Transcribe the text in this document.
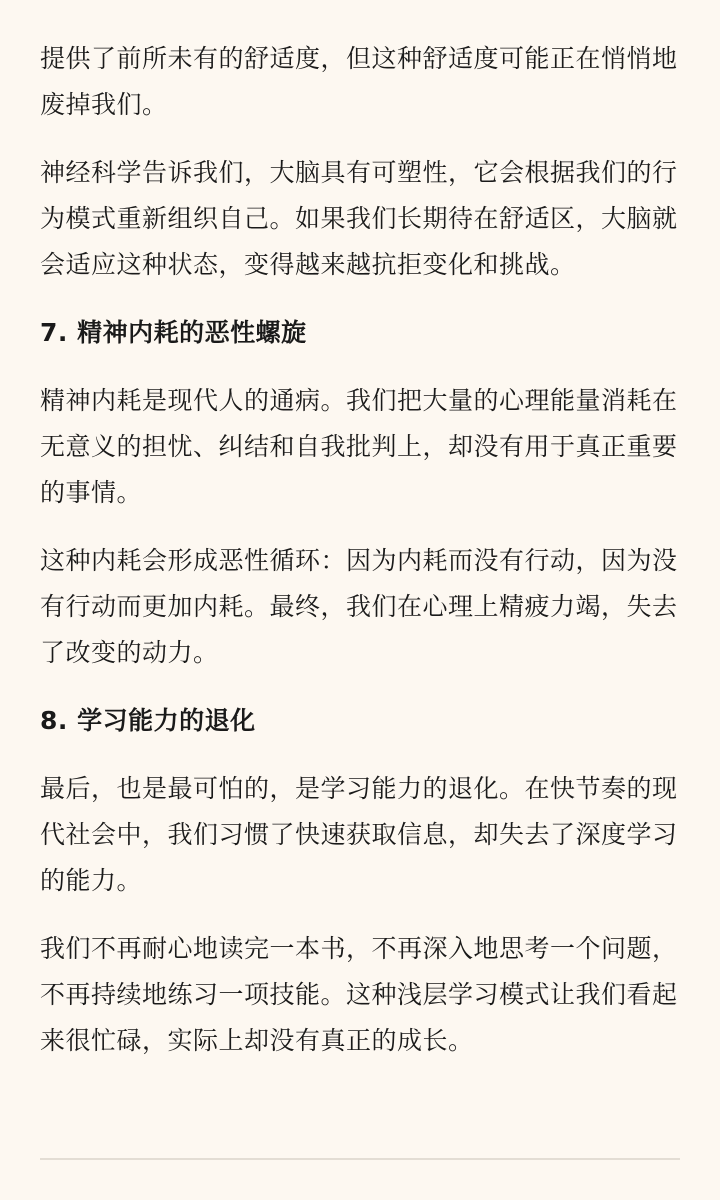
提供了前所未有的舒适度，但这种舒适度可能正在悄悄地废掉我们。

神经科学告诉我们，大脑具有可塑性，它会根据我们的行为模式重新组织自己。如果我们长期待在舒适区，大脑就会适应这种状态，变得越来越抗拒变化和挑战。

7. 精神内耗的恶性螺旋

精神内耗是现代人的通病。我们把大量的心理能量消耗在无意义的担忧、纠结和自我批判上，却没有用于真正重要的事情。

这种内耗会形成恶性循环：因为内耗而没有行动，因为没有行动而更加内耗。最终，我们在心理上精疲力竭，失去了改变的动力。

8. 学习能力的退化

最后，也是最可怕的，是学习能力的退化。在快节奏的现代社会中，我们习惯了快速获取信息，却失去了深度学习的能力。

我们不再耐心地读完一本书，不再深入地思考一个问题，不再持续地练习一项技能。这种浅层学习模式让我们看起来很忙碌，实际上却没有真正的成长。
